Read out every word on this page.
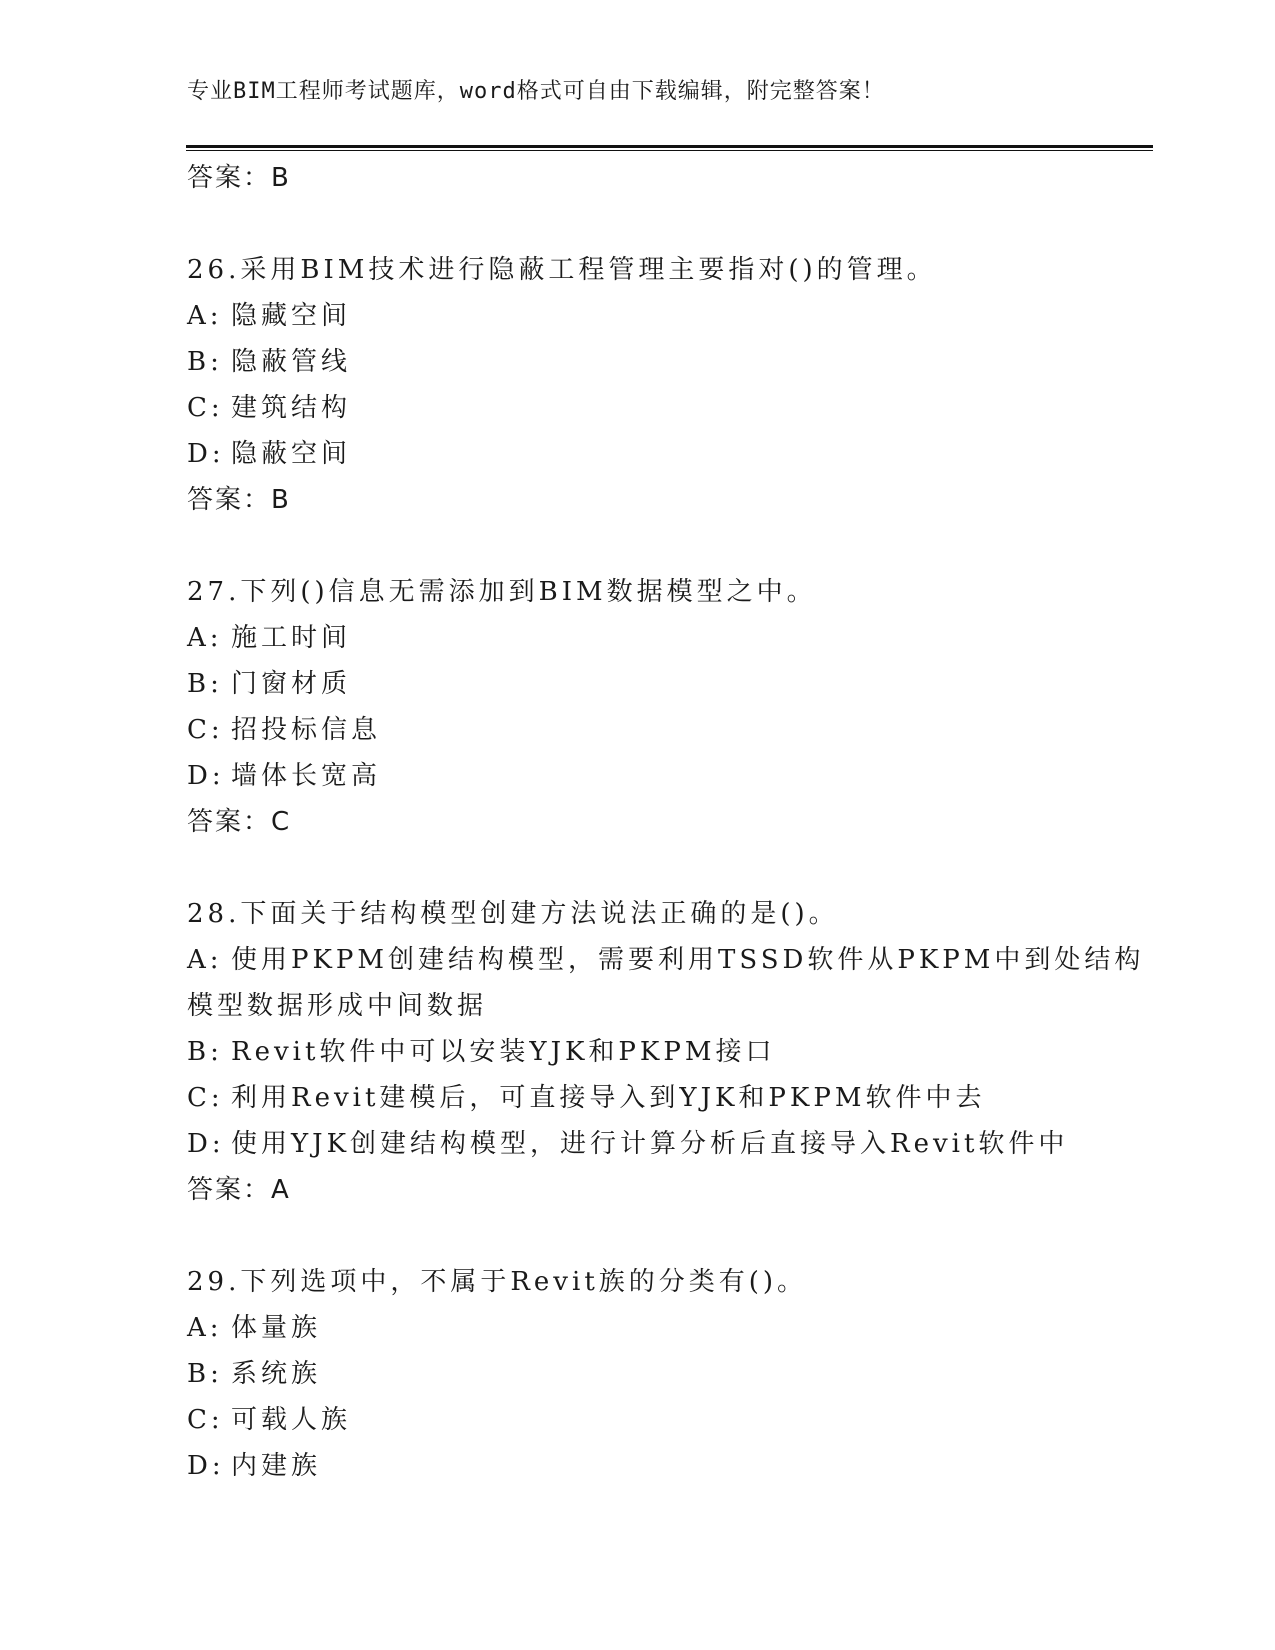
专业BIM工程师考试题库，word格式可自由下载编辑，附完整答案！
答案：B
26.采用BIM技术进行隐蔽工程管理主要指对()的管理。
A: 隐藏空间
B: 隐蔽管线
C: 建筑结构
D: 隐蔽空间
答案：B
27.下列()信息无需添加到BIM数据模型之中。
A: 施工时间
B: 门窗材质
C: 招投标信息
D: 墙体长宽高
答案：C
28.下面关于结构模型创建方法说法正确的是()。
A: 使用PKPM创建结构模型，需要利用TSSD软件从PKPM中到处结构
模型数据形成中间数据
B: Revit软件中可以安装YJK和PKPM接口
C: 利用Revit建模后，可直接导入到YJK和PKPM软件中去
D: 使用YJK创建结构模型，进行计算分析后直接导入Revit软件中
答案：A
29.下列选项中，不属于Revit族的分类有()。
A: 体量族
B: 系统族
C: 可载人族
D: 内建族
